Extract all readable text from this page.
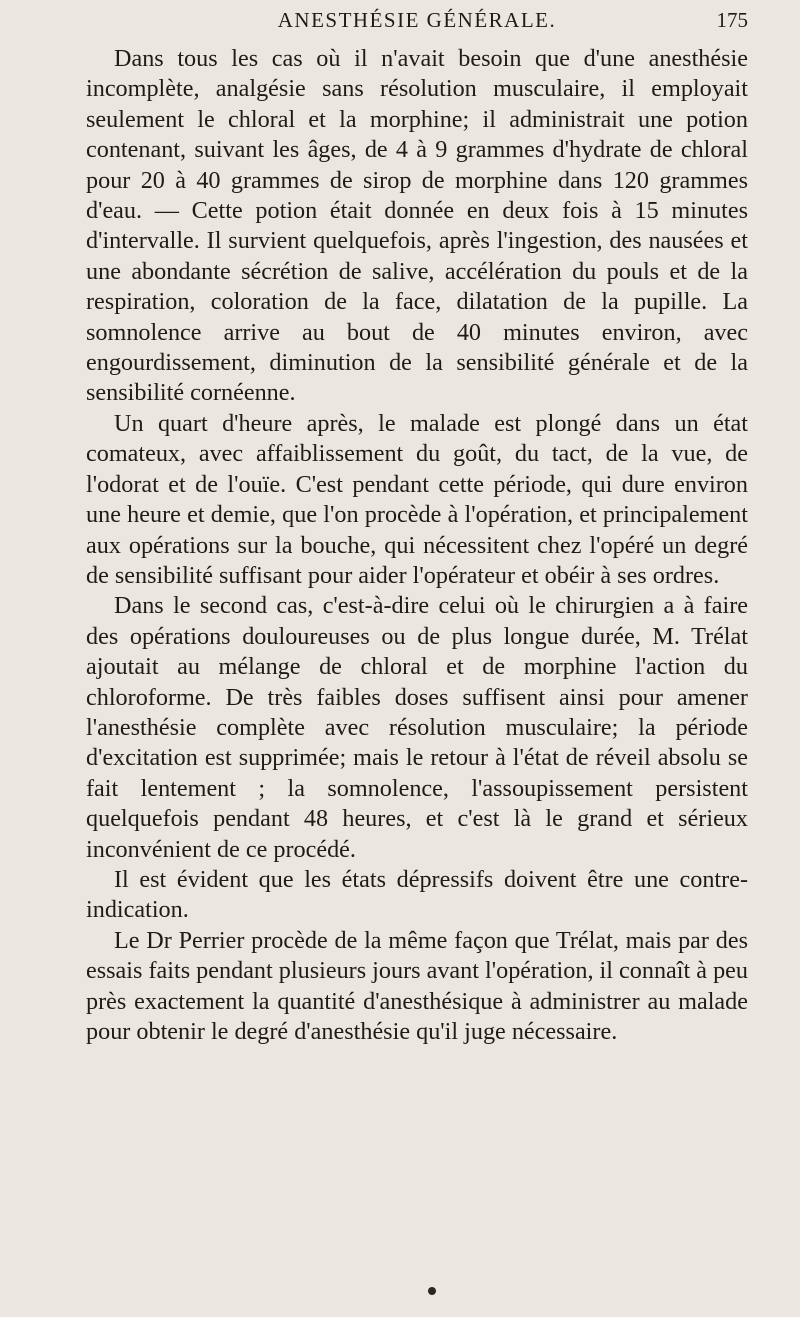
ANESTHÉSIE GÉNÉRALE.	175

Dans tous les cas où il n'avait besoin que d'une anesthésie incomplète, analgésie sans résolution musculaire, il employait seulement le chloral et la morphine; il administrait une potion contenant, suivant les âges, de 4 à 9 grammes d'hydrate de chloral pour 20 à 40 grammes de sirop de morphine dans 120 grammes d'eau. — Cette potion était donnée en deux fois à 15 minutes d'intervalle. Il survient quelquefois, après l'ingestion, des nausées et une abondante sécrétion de salive, accélération du pouls et de la respiration, coloration de la face, dilatation de la pupille. La somnolence arrive au bout de 40 minutes environ, avec engourdissement, diminution de la sensibilité générale et de la sensibilité cornéenne.

Un quart d'heure après, le malade est plongé dans un état comateux, avec affaiblissement du goût, du tact, de la vue, de l'odorat et de l'ouïe. C'est pendant cette période, qui dure environ une heure et demie, que l'on procède à l'opération, et principalement aux opérations sur la bouche, qui nécessitent chez l'opéré un degré de sensibilité suffisant pour aider l'opérateur et obéir à ses ordres.

Dans le second cas, c'est-à-dire celui où le chirurgien a à faire des opérations douloureuses ou de plus longue durée, M. Trélat ajoutait au mélange de chloral et de morphine l'action du chloroforme. De très faibles doses suffisent ainsi pour amener l'anesthésie complète avec résolution musculaire; la période d'excitation est supprimée; mais le retour à l'état de réveil absolu se fait lentement ; la somnolence, l'assoupissement persistent quelquefois pendant 48 heures, et c'est là le grand et sérieux inconvénient de ce procédé.

Il est évident que les états dépressifs doivent être une contre-indication.

Le Dr Perrier procède de la même façon que Trélat, mais par des essais faits pendant plusieurs jours avant l'opération, il connaît à peu près exactement la quantité d'anesthésique à administrer au malade pour obtenir le degré d'anesthésie qu'il juge nécessaire.
